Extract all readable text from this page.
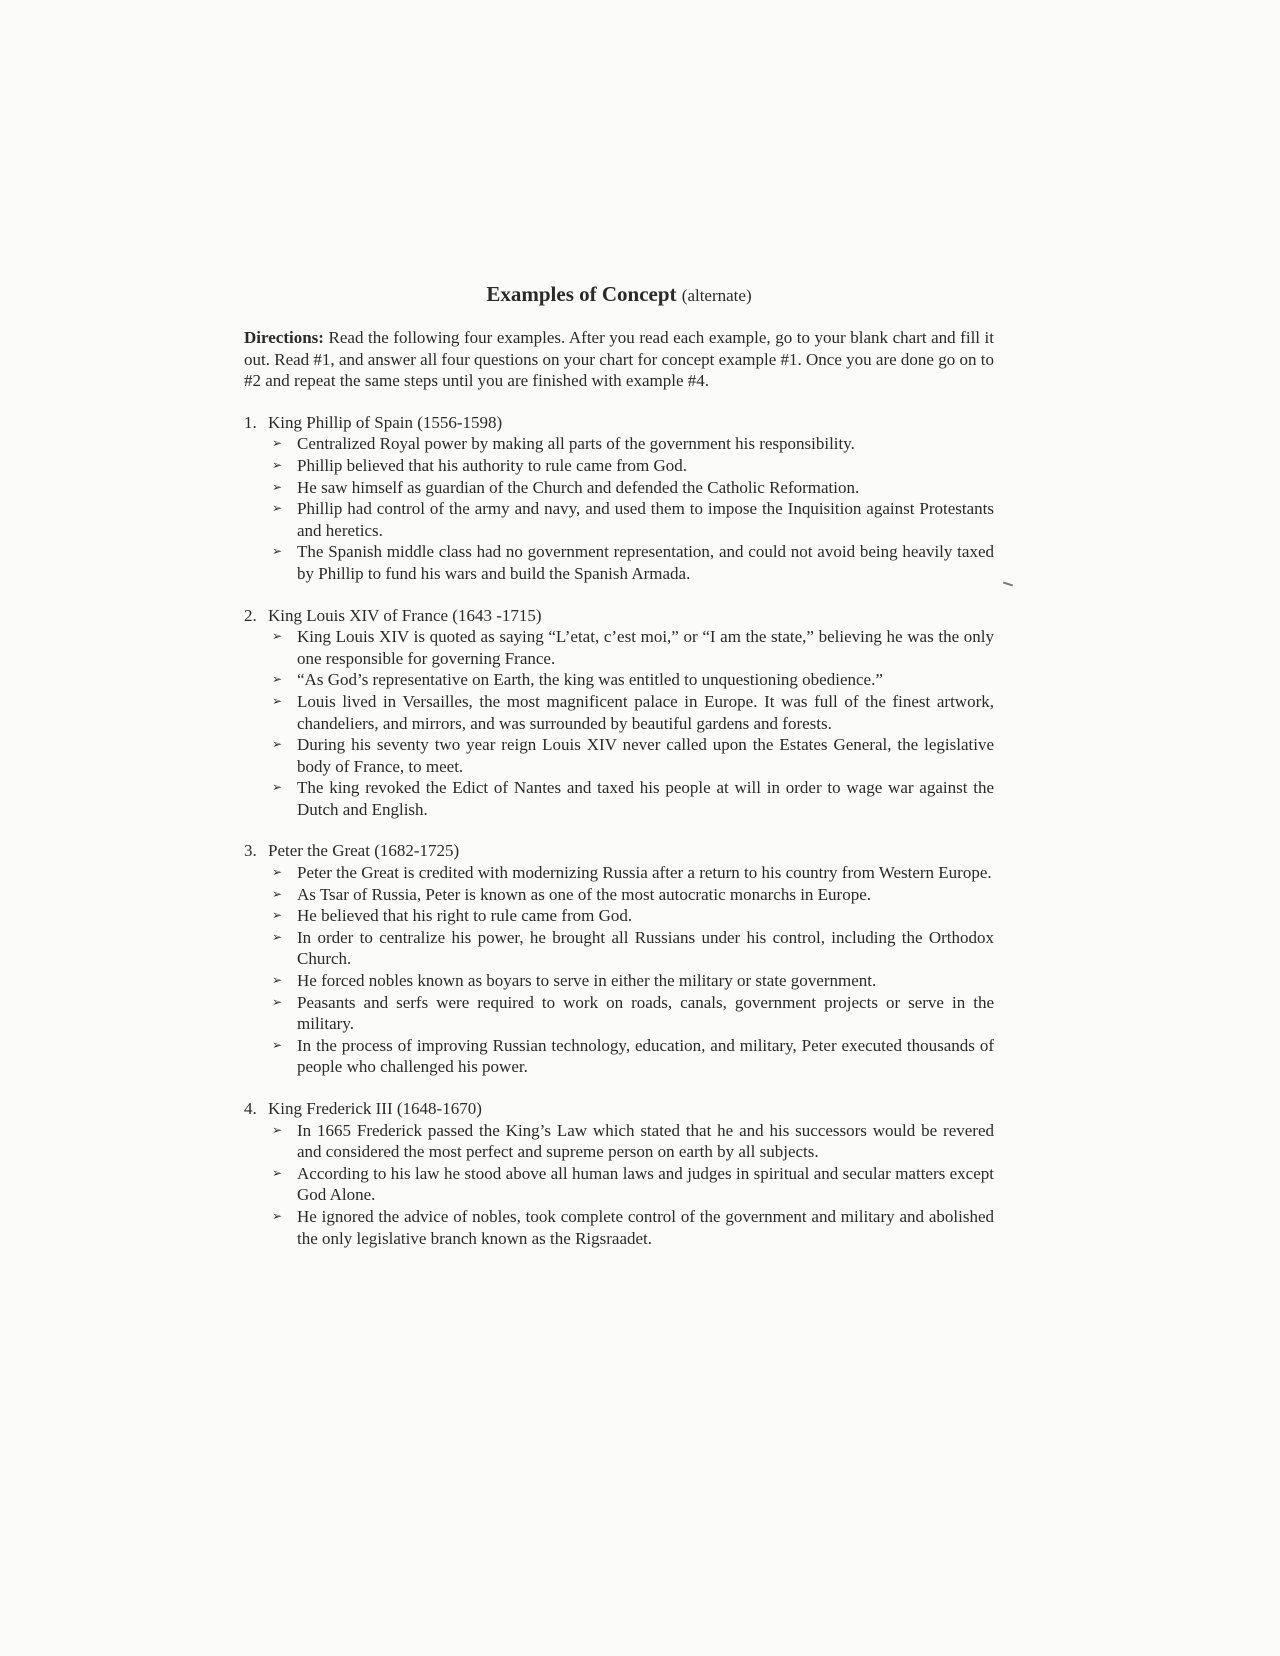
Examples of Concept (alternate)

Directions: Read the following four examples. After you read each example, go to your blank chart and fill it out. Read #1, and answer all four questions on your chart for concept example #1. Once you are done go on to #2 and repeat the same steps until you are finished with example #4.

1. King Phillip of Spain (1556-1598)
➢ Centralized Royal power by making all parts of the government his responsibility.
➢ Phillip believed that his authority to rule came from God.
➢ He saw himself as guardian of the Church and defended the Catholic Reformation.
➢ Phillip had control of the army and navy, and used them to impose the Inquisition against Protestants and heretics.
➢ The Spanish middle class had no government representation, and could not avoid being heavily taxed by Phillip to fund his wars and build the Spanish Armada.
2. King Louis XIV of France (1643 -1715)
➢ King Louis XIV is quoted as saying “L’etat, c’est moi,” or “I am the state,” believing he was the only one responsible for governing France.
➢ “As God’s representative on Earth, the king was entitled to unquestioning obedience.”
➢ Louis lived in Versailles, the most magnificent palace in Europe. It was full of the finest artwork, chandeliers, and mirrors, and was surrounded by beautiful gardens and forests.
➢ During his seventy two year reign Louis XIV never called upon the Estates General, the legislative body of France, to meet.
➢ The king revoked the Edict of Nantes and taxed his people at will in order to wage war against the Dutch and English.
3. Peter the Great (1682-1725)
➢ Peter the Great is credited with modernizing Russia after a return to his country from Western Europe.
➢ As Tsar of Russia, Peter is known as one of the most autocratic monarchs in Europe.
➢ He believed that his right to rule came from God.
➢ In order to centralize his power, he brought all Russians under his control, including the Orthodox Church.
➢ He forced nobles known as boyars to serve in either the military or state government.
➢ Peasants and serfs were required to work on roads, canals, government projects or serve in the military.
➢ In the process of improving Russian technology, education, and military, Peter executed thousands of people who challenged his power.
4. King Frederick III (1648-1670)
➢ In 1665 Frederick passed the King’s Law which stated that he and his successors would be revered and considered the most perfect and supreme person on earth by all subjects.
➢ According to his law he stood above all human laws and judges in spiritual and secular matters except God Alone.
➢ He ignored the advice of nobles, took complete control of the government and military and abolished the only legislative branch known as the Rigsraadet.
